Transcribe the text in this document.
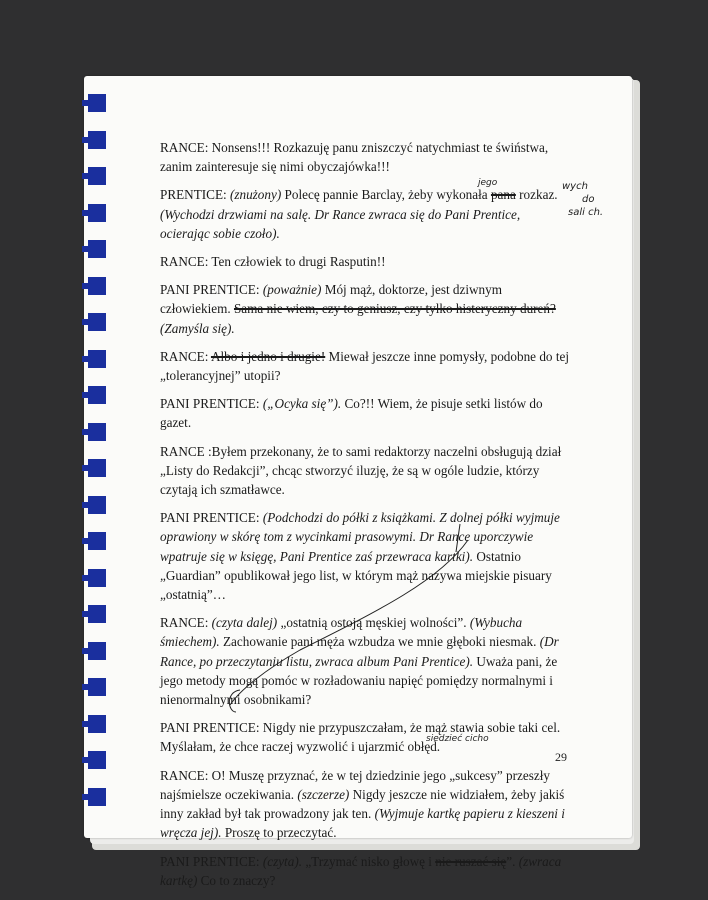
RANCE: Nonsens!!! Rozkazuję panu zniszczyć natychmiast te świństwa, zanim zainteresuje się nimi obyczajówka!!!

PRENTICE: (znużony) Polecę pannie Barclay, żeby wykonała pana rozkaz. (Wychodzi drzwiami na salę. Dr Rance zwraca się do Pani Prentice, ocierając sobie czoło).

RANCE: Ten człowiek to drugi Rasputin!!

PANI PRENTICE: (poważnie) Mój mąż, doktorze, jest dziwnym człowiekiem. Sama nie wiem, czy to geniusz, czy tylko histeryczny dureń? (Zamyśla się).

RANCE: Albo i jedno i drugie! Miewał jeszcze inne pomysły, podobne do tej „tolerancyjnej” utopii?

PANI PRENTICE: („Ocyka się”). Co?!! Wiem, że pisuje setki listów do gazet.

RANCE :Byłem przekonany, że to sami redaktorzy naczelni obsługują dział „Listy do Redakcji”, chcąc stworzyć iluzję, że są w ogóle ludzie, którzy czytają ich szmatławce.

PANI PRENTICE: (Podchodzi do półki z książkami. Z dolnej półki wyjmuje oprawiony w skórę tom z wycinkami prasowymi. Dr Rance uporczywie wpatruje się w księgę, Pani Prentice zaś przewraca kartki). Ostatnio „Guardian” opublikował jego list, w którym mąż nazywa miejskie pisuary „ostatnią”…

RANCE: (czyta dalej) „ostatnią ostoją męskiej wolności”. (Wybucha śmiechem). Zachowanie pani męża wzbudza we mnie głęboki niesmak. (Dr Rance, po przeczytaniu listu, zwraca album Pani Prentice). Uważa pani, że jego metody mogą pomóc w rozładowaniu napięć pomiędzy normalnymi i nienormalnymi osobnikami?

PANI PRENTICE: Nigdy nie przypuszczałam, że mąż stawia sobie taki cel. Myślałam, że chce raczej wyzwolić i ujarzmić obłęd.

RANCE: O! Muszę przyznać, że w tej dziedzinie jego „sukcesy” przeszły najśmielsze oczekiwania. (szczerze) Nigdy jeszcze nie widziałem, żeby jakiś inny zakład był tak prowadzony jak ten. (Wyjmuje kartkę papieru z kieszeni i wręcza jej). Proszę to przeczytać.

PANI PRENTICE: (czyta). „Trzymać nisko głowę i nie ruszać się”. (zwraca kartkę) Co to znaczy?

wych
do
sali ch.
jego
siedzieć cicho
29
